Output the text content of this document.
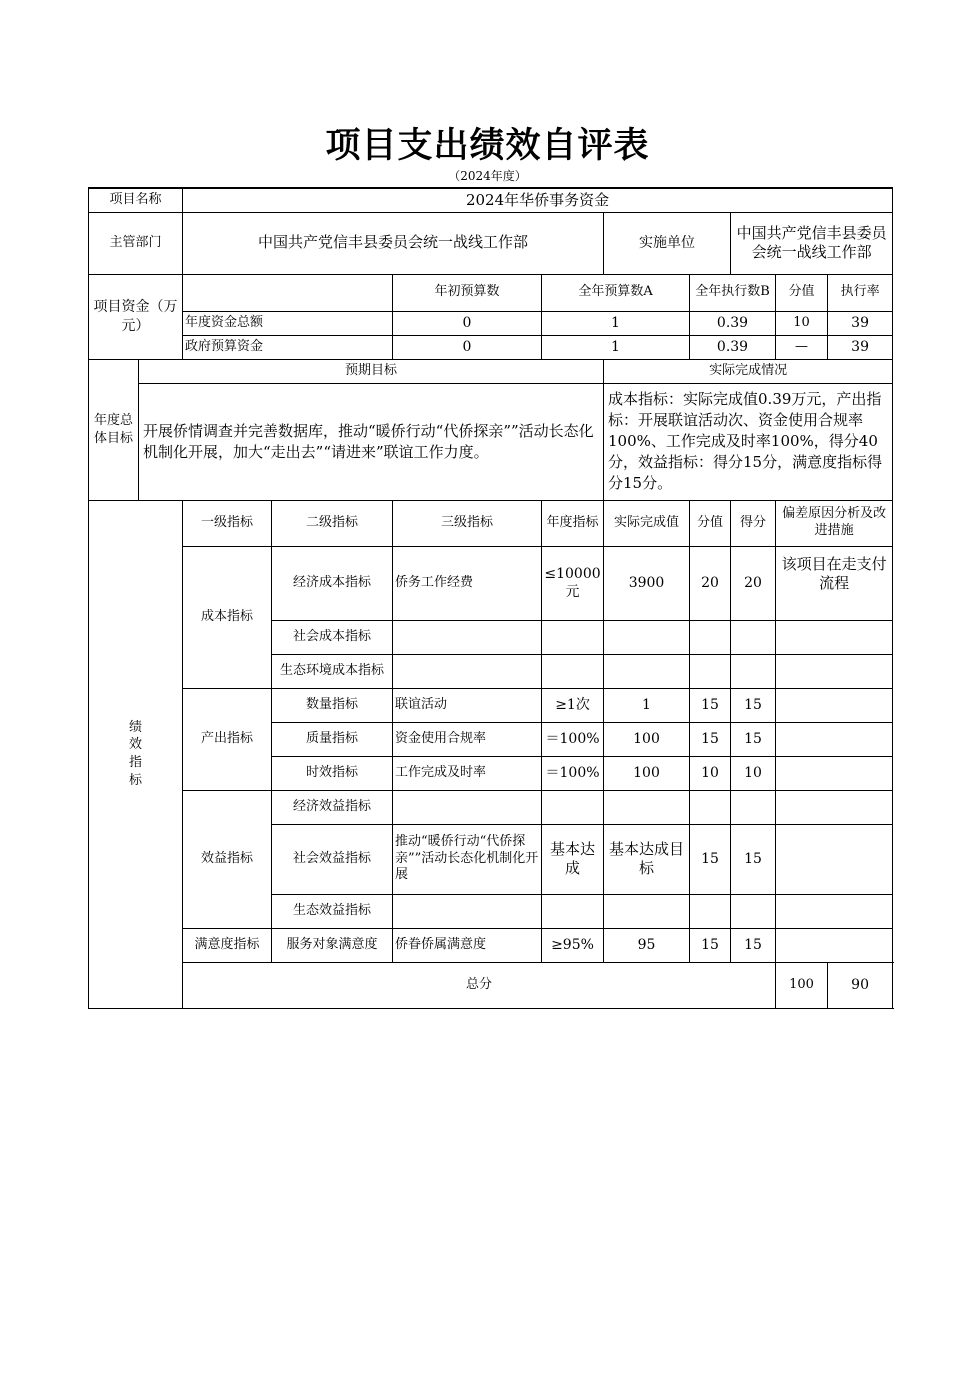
项目支出绩效自评表
（2024年度）
项目名称		2024年华侨事务资金									
主管部门		中国共产党信丰县委员会统一战线工作部				实施单位		中国共产党信丰县委员会统一战线工作部			
项目资金（万元）				年初预算数	全年预算数A		全年执行数B		分值	执行率	
		年度资金总额		0	1		0.39		10	39	
		政府预算资金		0	1		0.39		—	39	
年度总体目标	预期目标					实际完成情况					
	开展侨情调查并完善数据库，推动“暖侨行动“代侨探亲””活动长态化机制化开展，加大“走出去”“请进来”联谊工作力度。					成本指标：实际完成值0.39万元，产出指标：开展联谊活动次、资金使用合规率100%、工作完成及时率100%，得分40分，效益指标：得分15分，满意度指标得分15分。					

绩效指标		一级指标	二级指标	三级指标	年度指标	实际完成值	分值	得分	偏差原因分析及改进措施		
		成本指标	经济成本指标	侨务工作经费	≤10000元	3900	20	20	该项目在走支付流程		
			社会成本指标								
			生态环境成本指标								
		产出指标	数量指标	联谊活动	≥1次	1	15	15			
			质量指标	资金使用合规率	＝100%	100	15	15			
			时效指标	工作完成及时率	＝100%	100	10	10			
		效益指标	经济效益指标								
			社会效益指标	推动“暖侨行动“代侨探亲””活动长态化机制化开展	基本达成	基本达成目标	15	15			
			生态效益指标								
		满意度指标	服务对象满意度	侨眷侨属满意度	≥95%	95	15	15			
		总分							100	90	
